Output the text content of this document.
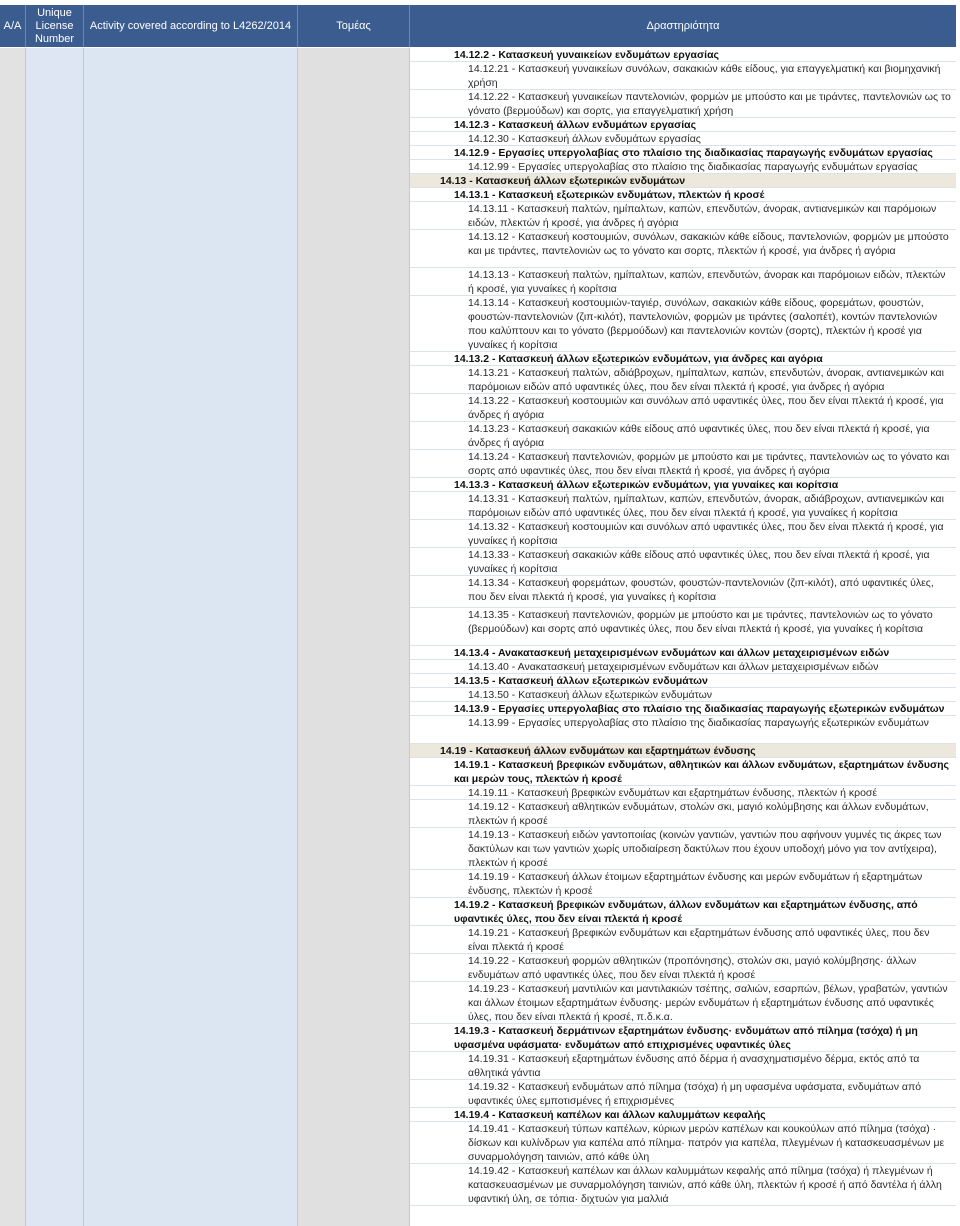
A/A
Unique License Number
Activity covered according to L4262/2014	Τομέας	Δραστηριότητα
14.12.2 - Κατασκευή γυναικείων ενδυμάτων εργασίας
14.12.21 - Κατασκευή γυναικείων συνόλων, σακακιών κάθε είδους, για επαγγελματική και βιομηχανική χρήση
14.12.22 - Κατασκευή γυναικείων παντελονιών, φορμών με μπούστο και με τιράντες, παντελονιών ως το γόνατο (βερμούδων) και σορτς, για επαγγελματική χρήση
14.12.3 - Κατασκευή άλλων ενδυμάτων εργασίας
14.12.30 - Κατασκευή άλλων ενδυμάτων εργασίας
14.12.9 - Εργασίες υπεργολαβίας στο πλαίσιο της διαδικασίας παραγωγής ενδυμάτων εργασίας
14.12.99 - Εργασίες υπεργολαβίας στο πλαίσιο της διαδικασίας παραγωγής ενδυμάτων εργασίας
14.13 - Κατασκευή άλλων εξωτερικών ενδυμάτων
14.13.1 - Κατασκευή εξωτερικών ενδυμάτων, πλεκτών ή κροσέ
14.13.11 - Κατασκευή παλτών, ημίπαλτων, καπών, επενδυτών, άνορακ, αντιανεμικών και παρόμοιων ειδών, πλεκτών ή κροσέ, για άνδρες ή αγόρια
14.13.12 - Κατασκευή κοστουμιών, συνόλων, σακακιών κάθε είδους, παντελονιών, φορμών με μπούστο και με τιράντες, παντελονιών ως το γόνατο και σορτς, πλεκτών ή κροσέ, για άνδρες ή αγόρια
14.13.13 - Κατασκευή παλτών, ημίπαλτων, καπών, επενδυτών, άνορακ και παρόμοιων ειδών, πλεκτών ή κροσέ, για γυναίκες ή κορίτσια
14.13.14 - Κατασκευή κοστουμιών-ταγιέρ, συνόλων, σακακιών κάθε είδους, φορεμάτων, φουστών, φουστών-παντελονιών (ζιπ-κιλότ), παντελονιών, φορμών με τιράντες (σαλοπέτ), κοντών παντελονιών που καλύπτουν και το γόνατο (βερμούδων) και παντελονιών κοντών (σορτς), πλεκτών ή κροσέ για γυναίκες ή κορίτσια
14.13.2 - Κατασκευή άλλων εξωτερικών ενδυμάτων, για άνδρες και αγόρια
14.13.21 - Κατασκευή παλτών, αδιάβροχων, ημίπαλτων, καπών, επενδυτών, άνορακ, αντιανεμικών και παρόμοιων ειδών από υφαντικές ύλες, που δεν είναι πλεκτά ή κροσέ, για άνδρες ή αγόρια
14.13.22 - Κατασκευή κοστουμιών και συνόλων από υφαντικές ύλες, που δεν είναι πλεκτά ή κροσέ, για άνδρες ή αγόρια
14.13.23 - Κατασκευή σακακιών κάθε είδους από υφαντικές ύλες, που δεν είναι πλεκτά ή κροσέ, για άνδρες ή αγόρια
14.13.24 - Κατασκευή παντελονιών, φορμών με μπούστο και με τιράντες, παντελονιών ως το γόνατο και σορτς από υφαντικές ύλες, που δεν είναι πλεκτά ή κροσέ, για άνδρες ή αγόρια
14.13.3 - Κατασκευή άλλων εξωτερικών ενδυμάτων, για γυναίκες και κορίτσια
14.13.31 - Κατασκευή παλτών, ημίπαλτων, καπών, επενδυτών, άνορακ, αδιάβροχων, αντιανεμικών και παρόμοιων ειδών από υφαντικές ύλες, που δεν είναι πλεκτά ή κροσέ, για γυναίκες ή κορίτσια
14.13.32 - Κατασκευή κοστουμιών και συνόλων από υφαντικές ύλες, που δεν είναι πλεκτά ή κροσέ, για γυναίκες ή κορίτσια
14.13.33 - Κατασκευή σακακιών κάθε είδους από υφαντικές ύλες, που δεν είναι πλεκτά ή κροσέ, για γυναίκες ή κορίτσια
14.13.34 - Κατασκευή φορεμάτων, φουστών, φουστών-παντελονιών (ζιπ-κιλότ), από υφαντικές ύλες, που δεν είναι πλεκτά ή κροσέ, για γυναίκες ή κορίτσια
14.13.35 - Κατασκευή παντελονιών, φορμών με μπούστο και με τιράντες, παντελονιών ως το γόνατο (βερμούδων) και σορτς από υφαντικές ύλες, που δεν είναι πλεκτά ή κροσέ, για γυναίκες ή κορίτσια
14.13.4 - Ανακατασκευή μεταχειρισμένων ενδυμάτων και άλλων μεταχειρισμένων ειδών
14.13.40 - Ανακατασκευή μεταχειρισμένων ενδυμάτων και άλλων μεταχειρισμένων ειδών
14.13.5 - Κατασκευή άλλων εξωτερικών ενδυμάτων
14.13.50 - Κατασκευή άλλων εξωτερικών ενδυμάτων
14.13.9 - Εργασίες υπεργολαβίας στο πλαίσιο της διαδικασίας παραγωγής εξωτερικών ενδυμάτων
14.13.99 - Εργασίες υπεργολαβίας στο πλαίσιο της διαδικασίας παραγωγής εξωτερικών ενδυμάτων
14.19 - Κατασκευή άλλων ενδυμάτων και εξαρτημάτων ένδυσης
14.19.1 - Κατασκευή βρεφικών ενδυμάτων, αθλητικών και άλλων ενδυμάτων, εξαρτημάτων ένδυσης και μερών τους, πλεκτών ή κροσέ
14.19.11 - Κατασκευή βρεφικών ενδυμάτων και εξαρτημάτων ένδυσης, πλεκτών ή κροσέ
14.19.12 - Κατασκευή αθλητικών ενδυμάτων, στολών σκι, μαγιό κολύμβησης και άλλων ενδυμάτων, πλεκτών ή κροσέ
14.19.13 - Κατασκευή ειδών γαντοποιίας (κοινών γαντιών, γαντιών που αφήνουν γυμνές τις άκρες των δακτύλων και των γαντιών χωρίς υποδιαίρεση δακτύλων που έχουν υποδοχή μόνο για τον αντίχειρα), πλεκτών ή κροσέ
14.19.19 - Κατασκευή άλλων έτοιμων εξαρτημάτων ένδυσης και μερών ενδυμάτων ή εξαρτημάτων ένδυσης, πλεκτών ή κροσέ
14.19.2 - Κατασκευή βρεφικών ενδυμάτων, άλλων ενδυμάτων και εξαρτημάτων ένδυσης, από υφαντικές ύλες, που δεν είναι πλεκτά ή κροσέ
14.19.21 - Κατασκευή βρεφικών ενδυμάτων και εξαρτημάτων ένδυσης από υφαντικές ύλες, που δεν είναι πλεκτά ή κροσέ
14.19.22 - Κατασκευή φορμών αθλητικών (προπόνησης), στολών σκι, μαγιό κολύμβησης· άλλων ενδυμάτων από υφαντικές ύλες, που δεν είναι πλεκτά ή κροσέ
14.19.23 - Κατασκευή μαντιλιών και μαντιλακιών τσέπης, σαλιών, εσαρπών, βέλων, γραβατών, γαντιών και άλλων έτοιμων εξαρτημάτων ένδυσης· μερών ενδυμάτων ή εξαρτημάτων ένδυσης από υφαντικές ύλες, που δεν είναι πλεκτά ή κροσέ, π.δ.κ.α.
14.19.3 - Κατασκευή δερμάτινων εξαρτημάτων ένδυσης· ενδυμάτων από πίλημα (τσόχα) ή μη υφασμένα υφάσματα· ενδυμάτων από επιχρισμένες υφαντικές ύλες
14.19.31 - Κατασκευή εξαρτημάτων ένδυσης από δέρμα ή ανασχηματισμένο δέρμα, εκτός από τα αθλητικά γάντια
14.19.32 - Κατασκευή ενδυμάτων από πίλημα (τσόχα) ή μη υφασμένα υφάσματα, ενδυμάτων από υφαντικές ύλες εμποτισμένες ή επιχρισμένες
14.19.4 - Κατασκευή καπέλων και άλλων καλυμμάτων κεφαλής
14.19.41 - Κατασκευή τύπων καπέλων, κύριων μερών καπέλων και κουκούλων από πίλημα (τσόχα) · δίσκων και κυλίνδρων για καπέλα από πίλημα· πατρόν για καπέλα, πλεγμένων ή κατασκευασμένων με συναρμολόγηση ταινιών, από κάθε ύλη
14.19.42 - Κατασκευή καπέλων και άλλων καλυμμάτων κεφαλής από πίλημα (τσόχα) ή πλεγμένων ή κατασκευασμένων με συναρμολόγηση ταινιών, από κάθε ύλη, πλεκτών ή κροσέ ή από δαντέλα ή άλλη υφαντική ύλη, σε τόπια· διχτυών για μαλλιά
